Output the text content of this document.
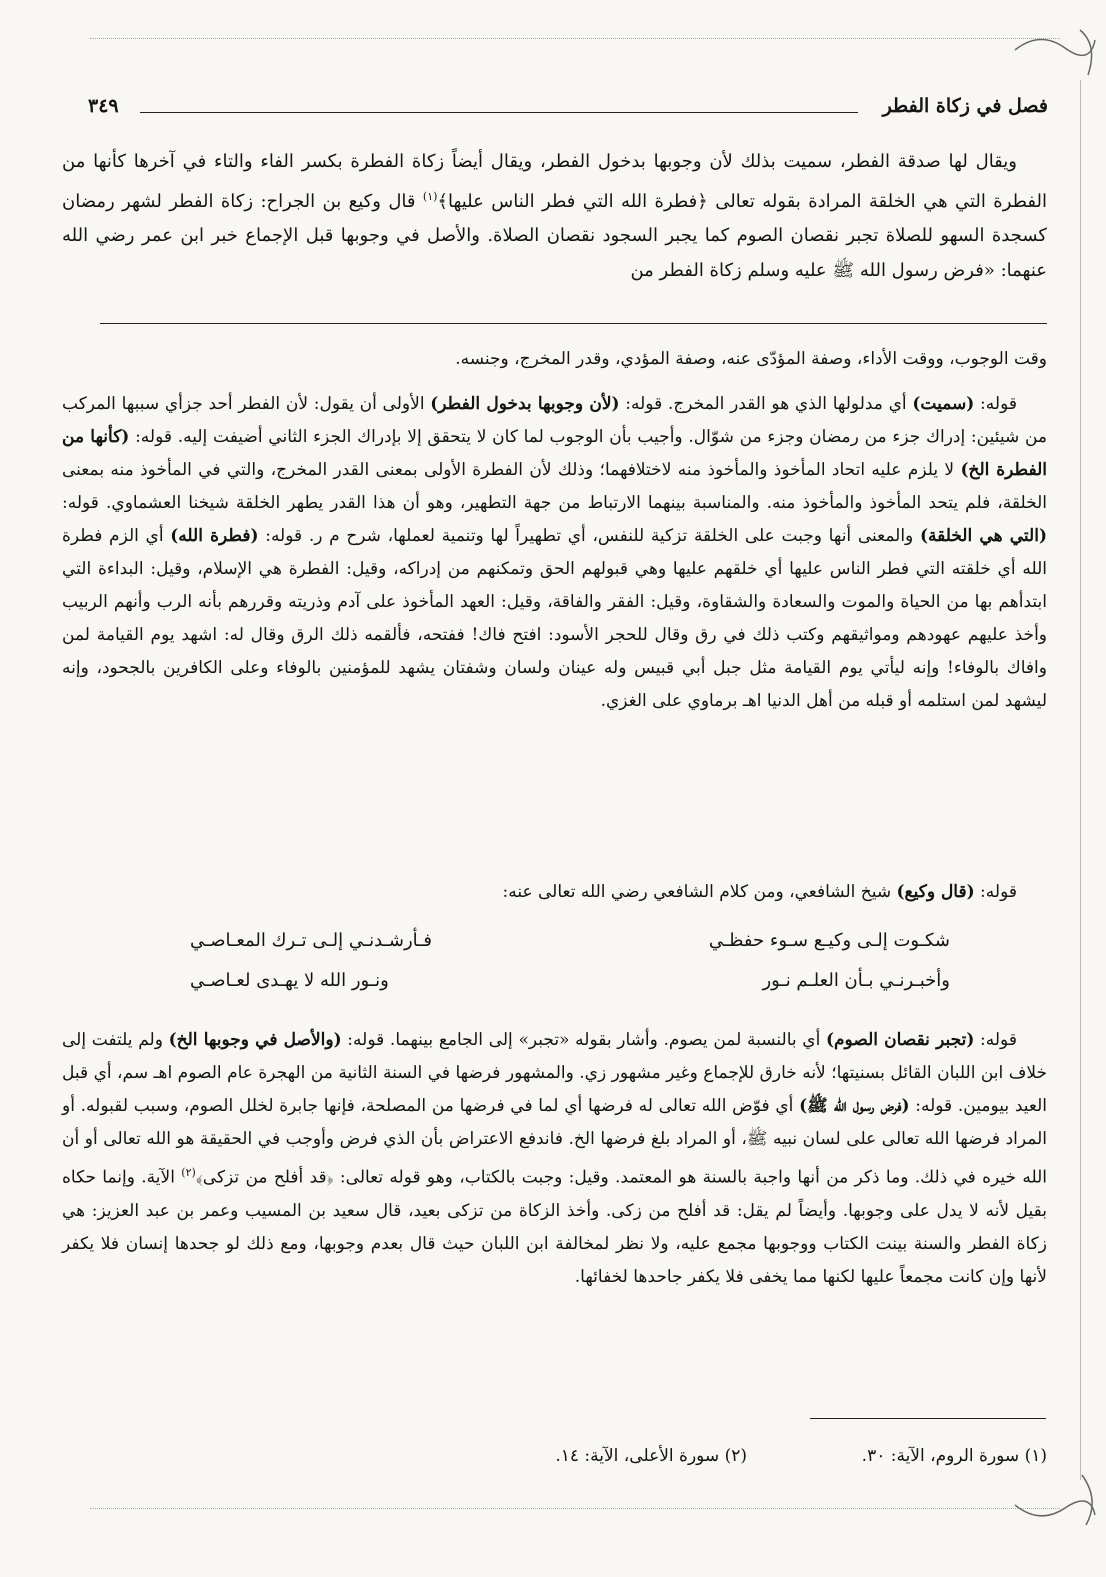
فصل في زكاة الفطر
٣٤٩

ويقال لها صدقة الفطر، سميت بذلك لأن وجوبها بدخول الفطر، ويقال أيضاً زكاة الفطرة بكسر الفاء والتاء في آخرها كأنها من الفطرة التي هي الخلقة المرادة بقوله تعالى ﴿فطرة الله التي فطر الناس عليها﴾$^{(١)}$ قال وكيع بن الجراح: زكاة الفطر لشهر رمضان كسجدة السهو للصلاة تجبر نقصان الصوم كما يجبر السجود نقصان الصلاة. والأصل في وجوبها قبل الإجماع خبر ابن عمر رضي الله عنهما: «فرض رسول الله ﷺ عليه وسلم زكاة الفطر من

وقت الوجوب، ووقت الأداء، وصفة المؤدّى عنه، وصفة المؤدي، وقدر المخرج، وجنسه.

قوله: (سميت) أي مدلولها الذي هو القدر المخرج. قوله: (لأن وجوبها بدخول الفطر) الأولى أن يقول: لأن الفطر أحد جزأي سببها المركب من شيئين: إدراك جزء من رمضان وجزء من شوّال. وأجيب بأن الوجوب لما كان لا يتحقق إلا بإدراك الجزء الثاني أضيفت إليه. قوله: (كأنها من الفطرة الخ) لا يلزم عليه اتحاد المأخوذ والمأخوذ منه لاختلافهما؛ وذلك لأن الفطرة الأولى بمعنى القدر المخرج، والتي في المأخوذ منه بمعنى الخلقة، فلم يتحد المأخوذ والمأخوذ منه. والمناسبة بينهما الارتباط من جهة التطهير، وهو أن هذا القدر يطهر الخلقة شيخنا العشماوي. قوله: (التي هي الخلقة) والمعنى أنها وجبت على الخلقة تزكية للنفس، أي تطهيراً لها وتنمية لعملها، شرح م ر. قوله: (فطرة الله) أي الزم فطرة الله أي خلقته التي فطر الناس عليها أي خلقهم عليها وهي قبولهم الحق وتمكنهم من إدراكه، وقيل: الفطرة هي الإسلام، وقيل: البداءة التي ابتدأهم بها من الحياة والموت والسعادة والشقاوة، وقيل: الفقر والفاقة، وقيل: العهد المأخوذ على آدم وذريته وقررهم بأنه الرب وأنهم الربيب وأخذ عليهم عهودهم ومواثيقهم وكتب ذلك في رق وقال للحجر الأسود: افتح فاك! ففتحه، فألقمه ذلك الرق وقال له: اشهد يوم القيامة لمن وافاك بالوفاء! وإنه ليأتي يوم القيامة مثل جبل أبي قبيس وله عينان ولسان وشفتان يشهد للمؤمنين بالوفاء وعلى الكافرين بالجحود، وإنه ليشهد لمن استلمه أو قبله من أهل الدنيا اهـ برماوي على الغزي.

قوله: (قال وكيع) شيخ الشافعي، ومن كلام الشافعي رضي الله تعالى عنه:

شكـوت إلـى وكيـع سـوء حفظـي
فـأرشـدنـي إلـى تـرك المعـاصـي
وأخبـرنـي بـأن العلـم نـور
ونـور الله لا يهـدى لعـاصـي

قوله: (تجبر نقصان الصوم) أي بالنسبة لمن يصوم. وأشار بقوله «تجبر» إلى الجامع بينهما. قوله: (والأصل في وجوبها الخ) ولم يلتفت إلى خلاف ابن اللبان القائل بسنيتها؛ لأنه خارق للإجماع وغير مشهور زي. والمشهور فرضها في السنة الثانية من الهجرة عام الصوم اهـ سم، أي قبل العيد بيومين. قوله: (فرض رسول الله ﷺ) أي فوّض الله تعالى له فرضها أي لما في فرضها من المصلحة، فإنها جابرة لخلل الصوم، وسبب لقبوله. أو المراد فرضها الله تعالى على لسان نبيه ﷺ، أو المراد بلغ فرضها الخ. فاندفع الاعتراض بأن الذي فرض وأوجب في الحقيقة هو الله تعالى أو أن الله خيره في ذلك. وما ذكر من أنها واجبة بالسنة هو المعتمد. وقيل: وجبت بالكتاب، وهو قوله تعالى: ﴿قد أفلح من تزكى﴾$^{(٢)}$ الآية. وإنما حكاه بقيل لأنه لا يدل على وجوبها. وأيضاً لم يقل: قد أفلح من زكى. وأخذ الزكاة من تزكى بعيد، قال سعيد بن المسيب وعمر بن عبد العزيز: هي زكاة الفطر والسنة بينت الكتاب ووجوبها مجمع عليه، ولا نظر لمخالفة ابن اللبان حيث قال بعدم وجوبها، ومع ذلك لو جحدها إنسان فلا يكفر لأنها وإن كانت مجمعاً عليها لكنها مما يخفى فلا يكفر جاحدها لخفائها.

(١) سورة الروم، الآية: ٣٠.
(٢) سورة الأعلى، الآية: ١٤.
